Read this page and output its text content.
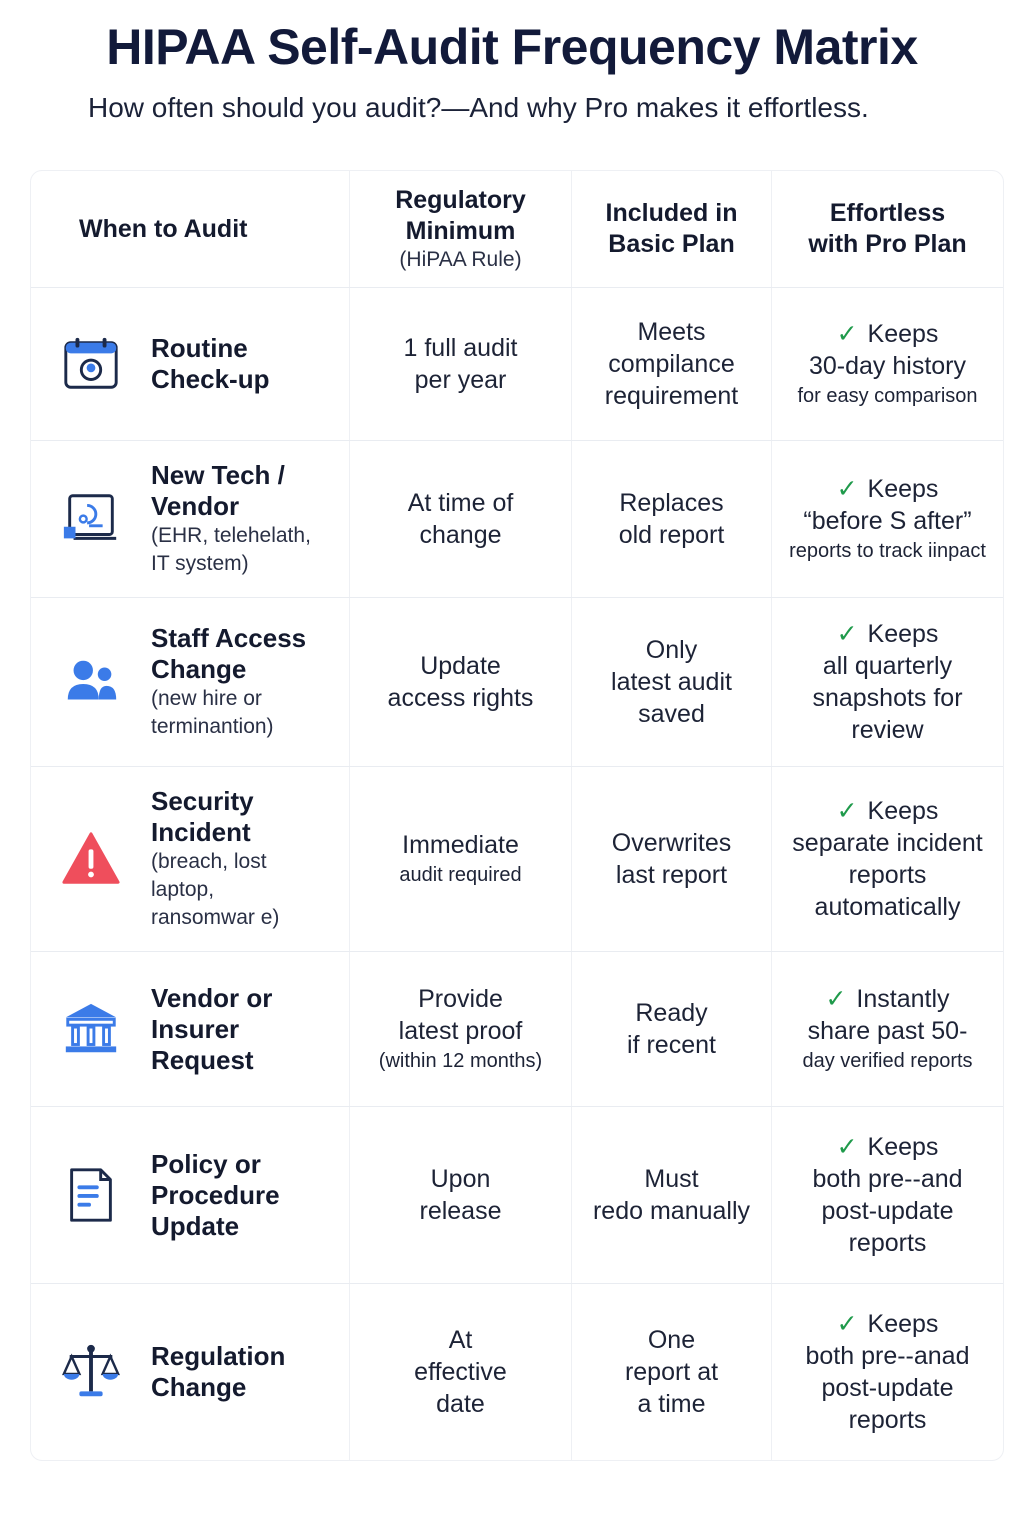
HIPAA Self-Audit Frequency Matrix

How often should you audit?—And why Pro makes it effortless.

When to Audit
Regulatory
Minimum
(HiPAA Rule)
Included in
Basic Plan
Effortless
with Pro Plan
Routine
Check-up
1 full audit
per year
Meets
compilance
requirement
✓ Keeps
30-day history
for easy comparison
New Tech /
Vendor
(EHR, telehelath,
IT system)
At time of
change
Replaces
old report
✓ Keeps
“before S after”
reports to track iinpact
Staff Access
Change
(new hire or
terminantion)
Update
access rights
Only
latest audit
saved
✓ Keeps
all quarterly
snapshots for
review
Security
Incident
(breach, lost
laptop,
ransomwar e)
Immediate
audit required
Overwrites
last report
✓ Keeps
separate incident
reports
automatically
Vendor or
Insurer
Request
Provide
latest proof
(within 12 months)
Ready
if recent
✓ Instantly
share past 50-
day verified reports
Policy or
Procedure
Update
Upon
release
Must
redo manually
✓ Keeps
both pre--and
post-update
reports
Regulation
Change
At
effective
date
One
report at
a time
✓ Keeps
both pre--anad
post-update
reports
